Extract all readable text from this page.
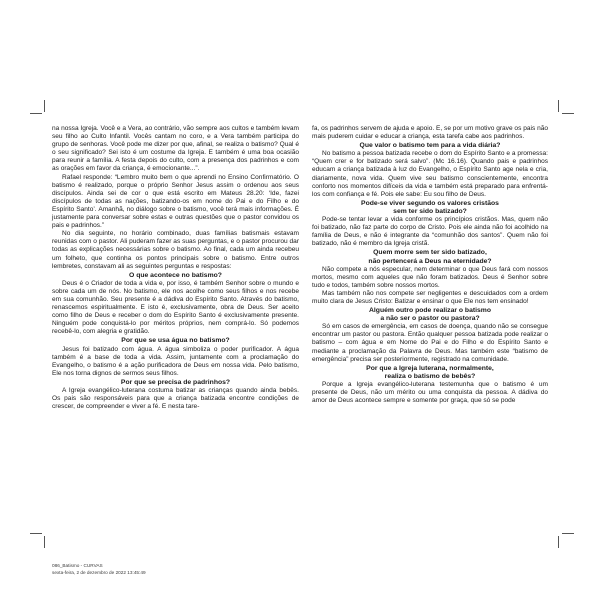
na nossa Igreja. Você e a Vera, ao contrário, vão sempre aos cultos e também levam seu filho ao Culto Infantil. Vocês cantam no coro, e a Vera também participa do grupo de senhoras. Você pode me dizer por que, afinal, se realiza o batismo? Qual é o seu significado? Sei isto é um costume da Igreja. E também é uma boa ocasião para reunir a família. A festa depois do culto, com a presença dos padrinhos e com as orações em favor da criança, é emocionante...”.

Rafael responde: “Lembro muito bem o que aprendi no Ensino Confirmatório. O batismo é realizado, porque o próprio Senhor Jesus assim o ordenou aos seus discípulos. Ainda sei de cor o que está escrito em Mateus 28.20: ‘Ide, fazei discípulos de todas as nações, batizando-os em nome do Pai e do Filho e do Espírito Santo’. Amanhã, no diálogo sobre o batismo, você terá mais informações. É justamente para conversar sobre estas e outras questões que o pastor convidou os pais e padrinhos.”

No dia seguinte, no horário combinado, duas famílias batismais estavam reunidas com o pastor. Ali puderam fazer as suas perguntas, e o pastor procurou dar todas as explicações necessárias sobre o batismo. Ao final, cada um ainda recebeu um folheto, que continha os pontos principais sobre o batismo. Entre outros lembretes, constavam ali as seguintes perguntas e respostas:

O que acontece no batismo?

Deus é o Criador de toda a vida e, por isso, é também Senhor sobre o mundo e sobre cada um de nós. No batismo, ele nos acolhe como seus filhos e nos recebe em sua comunhão. Seu presente é a dádiva do Espírito Santo. Através do batismo, renascemos espiritualmente. E isto é, exclusivamente, obra de Deus. Ser aceito como filho de Deus e receber o dom do Espírito Santo é exclusivamente presente. Ninguém pode conquistá-lo por méritos próprios, nem comprá-lo. Só podemos recebê-lo, com alegria e gratidão.

Por que se usa água no batismo?

Jesus foi batizado com água. A água simboliza o poder purificador. A água também é a base de toda a vida. Assim, juntamente com a proclamação do Evangelho, o batismo é a ação purificadora de Deus em nossa vida. Pelo batismo, Ele nos torna dignos de sermos seus filhos.

Por que se precisa de padrinhos?

A Igreja evangélico-luterana costuma batizar as crianças quando ainda bebês. Os pais são responsáveis para que a criança batizada encontre condições de crescer, de compreender e viver a fé. E nesta tare-

086_Batismo - CURVAS
sexta-feira, 2 de dezembro de 2022 13:45:49

fa, os padrinhos servem de ajuda e apoio. E, se por um motivo grave os pais não mais puderem cuidar e educar a criança, esta tarefa cabe aos padrinhos.

Que valor o batismo tem para a vida diária?

No batismo a pessoa batizada recebe o dom do Espírito Santo e a promessa: “Quem crer e for batizado será salvo”. (Mc 16.16). Quando pais e padrinhos educam a criança batizada à luz do Evangelho, o Espírito Santo age nela e cria, diariamente, nova vida. Quem vive seu batismo conscientemente, encontra conforto nos momentos difíceis da vida e também está preparado para enfrentá-los com confiança e fé. Pois ele sabe: Eu sou filho de Deus.

Pode-se viver segundo os valores cristãos
sem ter sido batizado?

Pode-se tentar levar a vida conforme os princípios cristãos. Mas, quem não foi batizado, não faz parte do corpo de Cristo. Pois ele ainda não foi acolhido na família de Deus, e não é integrante da “comunhão dos santos”. Quem não foi batizado, não é membro da Igreja cristã.

Quem morre sem ter sido batizado,
não pertencerá a Deus na eternidade?

Não compete a nós especular, nem determinar o que Deus fará com nossos mortos, mesmo com aqueles que não foram batizados. Deus é Senhor sobre tudo e todos, também sobre nossos mortos.

Mas também não nos compete ser negligentes e descuidados com a ordem muito clara de Jesus Cristo: Batizar e ensinar o que Ele nos tem ensinado!

Alguém outro pode realizar o batismo
a não ser o pastor ou pastora?

Só em casos de emergência, em casos de doença, quando não se consegue encontrar um pastor ou pastora. Então qualquer pessoa batizada pode realizar o batismo – com água e em Nome do Pai e do Filho e do Espírito Santo e mediante a proclamação da Palavra de Deus. Mas também este “batismo de emergência” precisa ser posteriormente, registrado na comunidade.

Por que a Igreja luterana, normalmente,
realiza o batismo de bebês?

Porque a Igreja evangélico-luterana testemunha que o batismo é um presente de Deus, não um mérito ou uma conquista da pessoa. A dádiva do amor de Deus acontece sempre e somente por graça, que só se pode
